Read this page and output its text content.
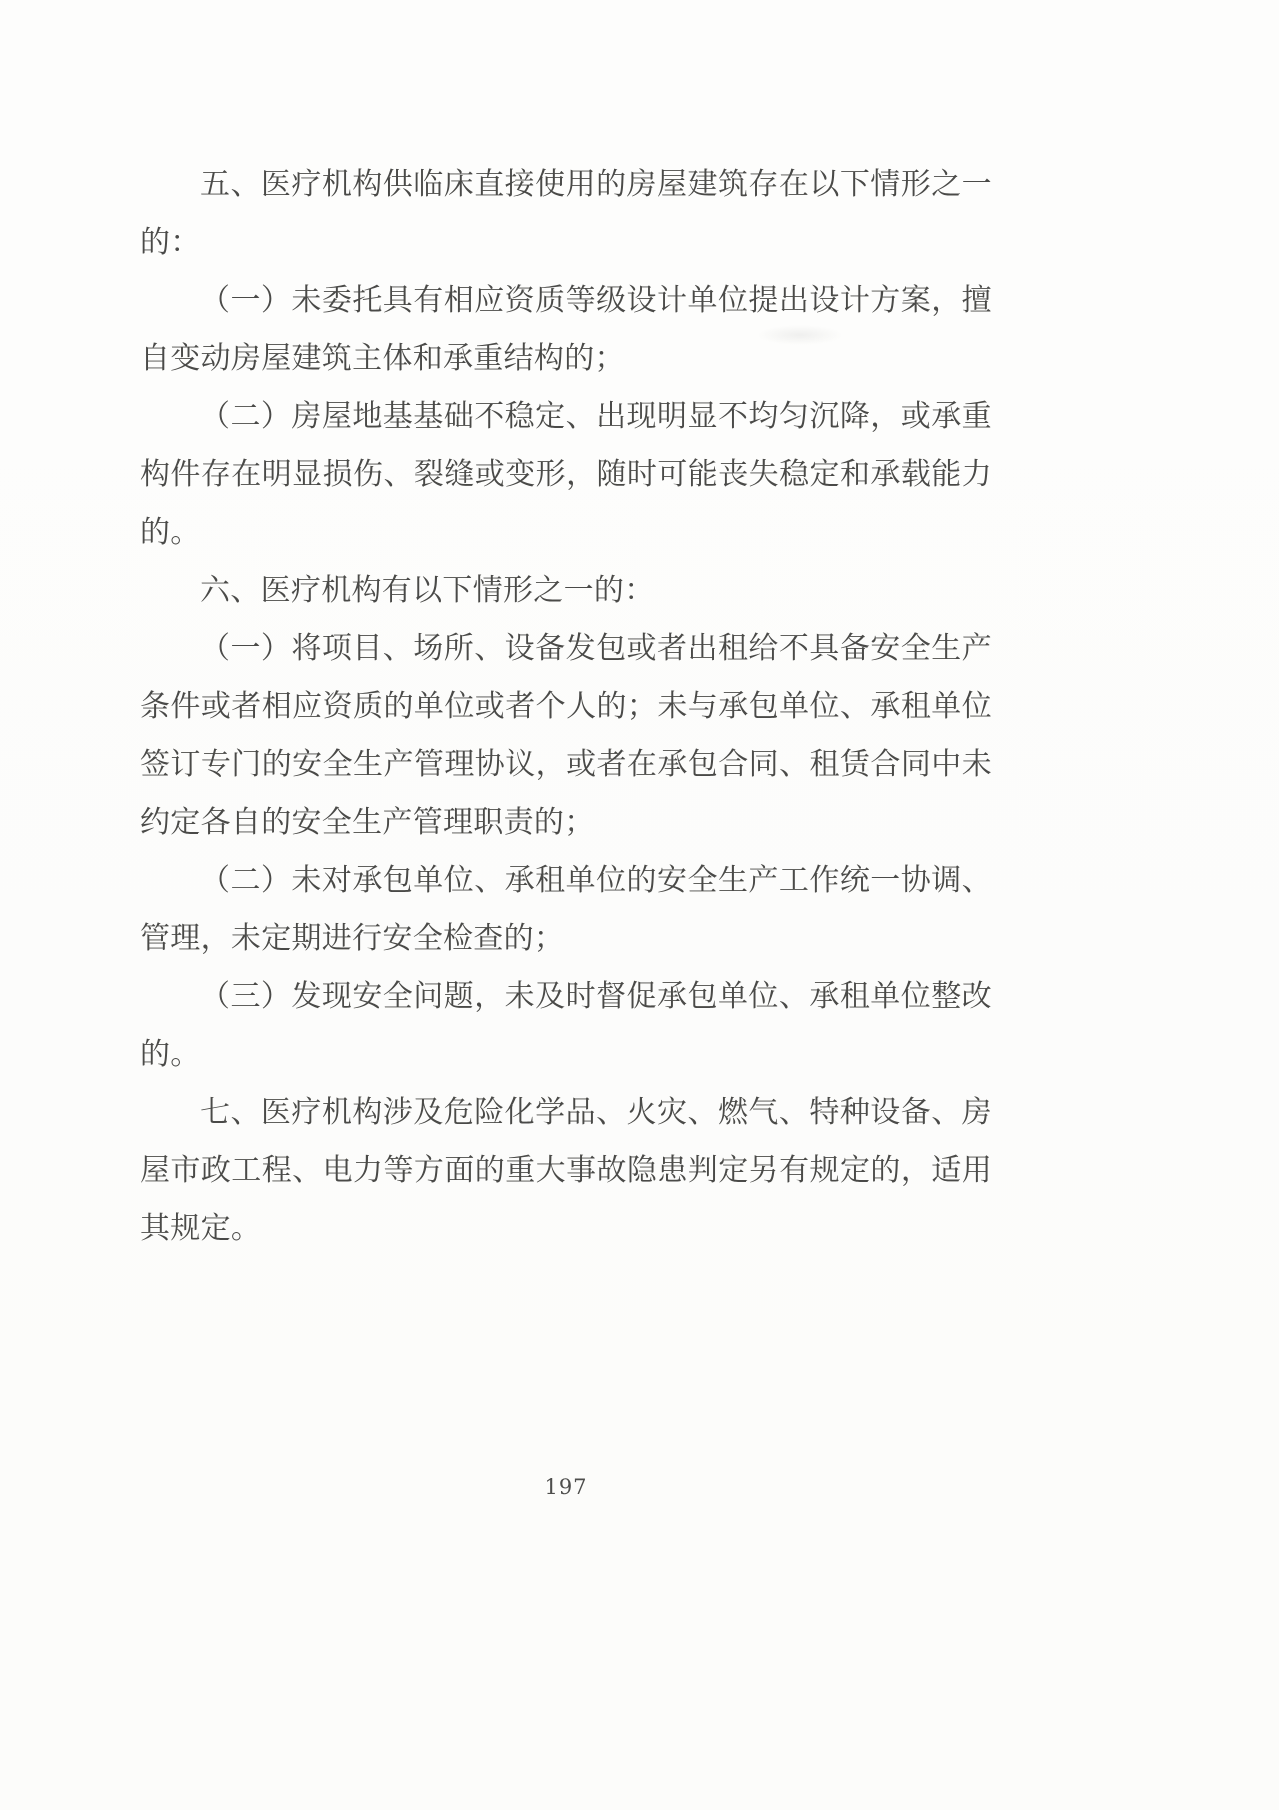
五、医疗机构供临床直接使用的房屋建筑存在以下情形之一的：

（一）未委托具有相应资质等级设计单位提出设计方案，擅自变动房屋建筑主体和承重结构的；

（二）房屋地基基础不稳定、出现明显不均匀沉降，或承重构件存在明显损伤、裂缝或变形，随时可能丧失稳定和承载能力的。

六、医疗机构有以下情形之一的：

（一）将项目、场所、设备发包或者出租给不具备安全生产条件或者相应资质的单位或者个人的；未与承包单位、承租单位签订专门的安全生产管理协议，或者在承包合同、租赁合同中未约定各自的安全生产管理职责的；

（二）未对承包单位、承租单位的安全生产工作统一协调、管理，未定期进行安全检查的；

（三）发现安全问题，未及时督促承包单位、承租单位整改的。

七、医疗机构涉及危险化学品、火灾、燃气、特种设备、房屋市政工程、电力等方面的重大事故隐患判定另有规定的，适用其规定。

197
